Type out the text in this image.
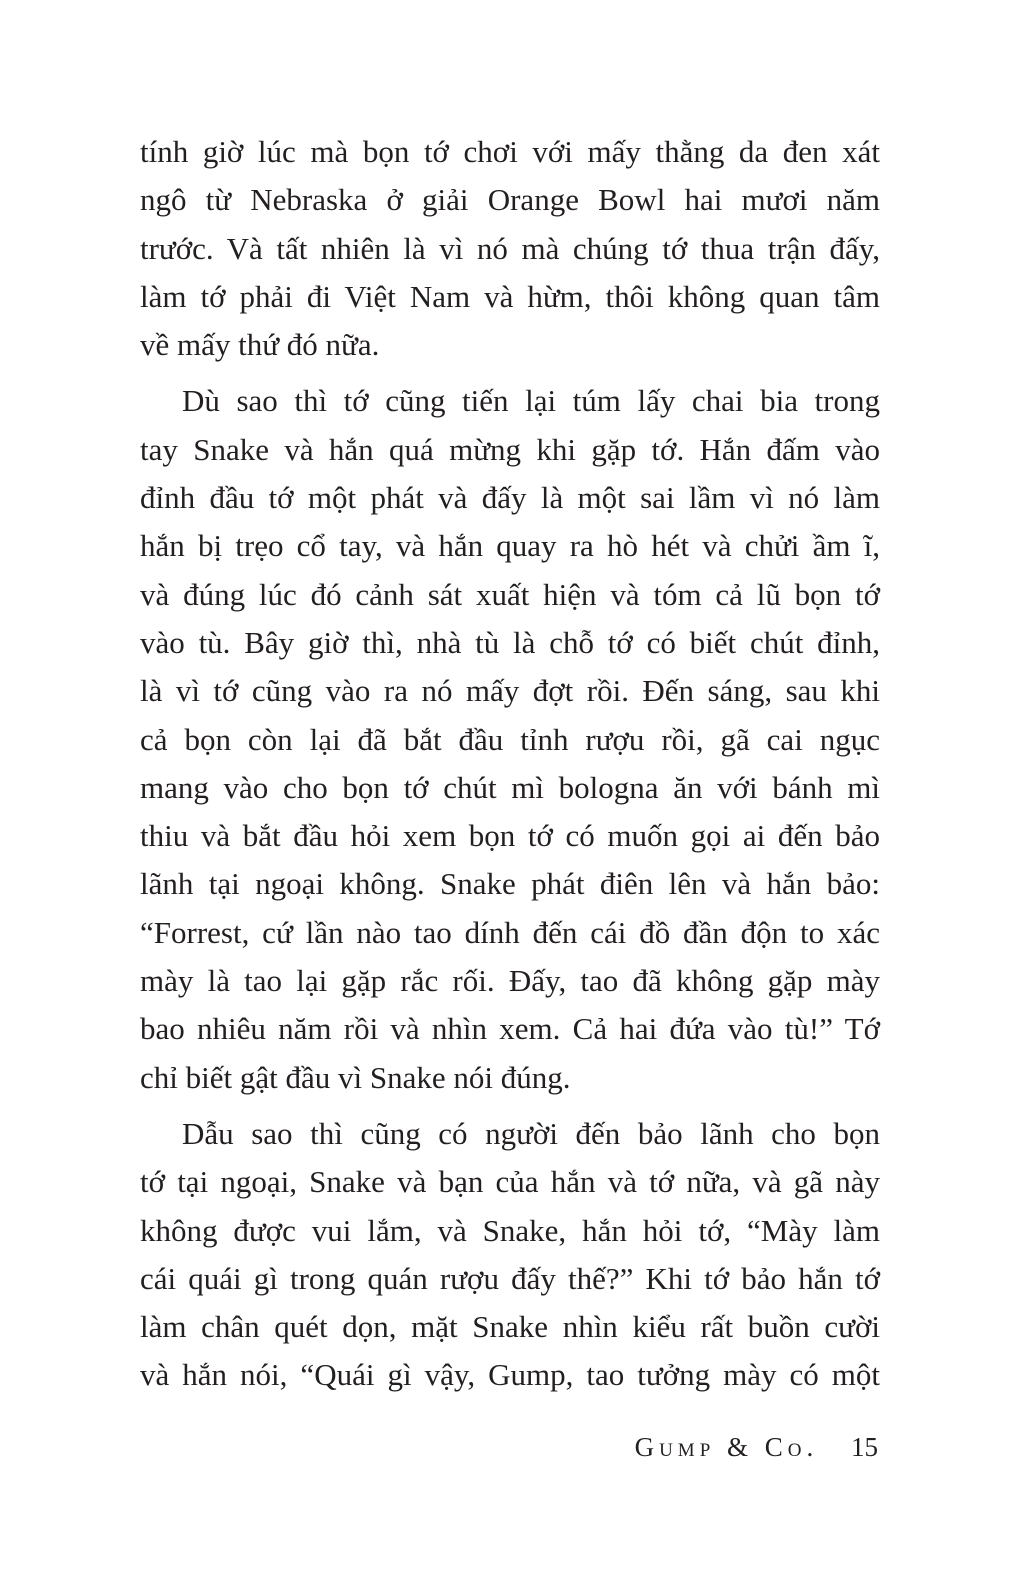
tính giờ lúc mà bọn tớ chơi với mấy thằng da đen xát
ngô từ Nebraska ở giải Orange Bowl hai mươi năm
trước. Và tất nhiên là vì nó mà chúng tớ thua trận đấy,
làm tớ phải đi Việt Nam và hừm, thôi không quan tâm
về mấy thứ đó nữa.

Dù sao thì tớ cũng tiến lại túm lấy chai bia trong
tay Snake và hắn quá mừng khi gặp tớ. Hắn đấm vào
đỉnh đầu tớ một phát và đấy là một sai lầm vì nó làm
hắn bị trẹo cổ tay, và hắn quay ra hò hét và chửi ầm ĩ,
và đúng lúc đó cảnh sát xuất hiện và tóm cả lũ bọn tớ
vào tù. Bây giờ thì, nhà tù là chỗ tớ có biết chút đỉnh,
là vì tớ cũng vào ra nó mấy đợt rồi. Đến sáng, sau khi
cả bọn còn lại đã bắt đầu tỉnh rượu rồi, gã cai ngục
mang vào cho bọn tớ chút mì bologna ăn với bánh mì
thiu và bắt đầu hỏi xem bọn tớ có muốn gọi ai đến bảo
lãnh tại ngoại không. Snake phát điên lên và hắn bảo:
“Forrest, cứ lần nào tao dính đến cái đồ đần độn to xác
mày là tao lại gặp rắc rối. Đấy, tao đã không gặp mày
bao nhiêu năm rồi và nhìn xem. Cả hai đứa vào tù!” Tớ
chỉ biết gật đầu vì Snake nói đúng.

Dẫu sao thì cũng có người đến bảo lãnh cho bọn
tớ tại ngoại, Snake và bạn của hắn và tớ nữa, và gã này
không được vui lắm, và Snake, hắn hỏi tớ, “Mày làm
cái quái gì trong quán rượu đấy thế?” Khi tớ bảo hắn tớ
làm chân quét dọn, mặt Snake nhìn kiểu rất buồn cười
và hắn nói, “Quái gì vậy, Gump, tao tưởng mày có một

Gump & Co. 15
